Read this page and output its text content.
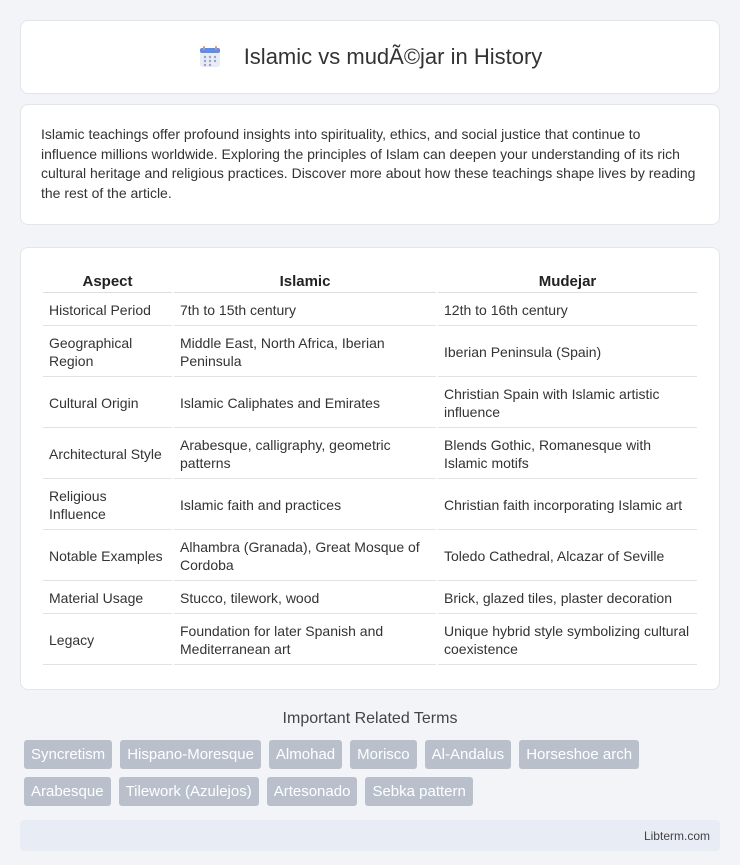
Islamic vs mudÃ©jar in History
Islamic teachings offer profound insights into spirituality, ethics, and social justice that continue to influence millions worldwide. Exploring the principles of Islam can deepen your understanding of its rich cultural heritage and religious practices. Discover more about how these teachings shape lives by reading the rest of the article.
Aspect	Islamic	Mudejar
Historical Period	7th to 15th century	12th to 16th century
Geographical Region	Middle East, North Africa, Iberian Peninsula	Iberian Peninsula (Spain)
Cultural Origin	Islamic Caliphates and Emirates	Christian Spain with Islamic artistic influence
Architectural Style	Arabesque, calligraphy, geometric patterns	Blends Gothic, Romanesque with Islamic motifs
Religious Influence	Islamic faith and practices	Christian faith incorporating Islamic art
Notable Examples	Alhambra (Granada), Great Mosque of Cordoba	Toledo Cathedral, Alcazar of Seville
Material Usage	Stucco, tilework, wood	Brick, glazed tiles, plaster decoration
Legacy	Foundation for later Spanish and Mediterranean art	Unique hybrid style symbolizing cultural coexistence
Important Related Terms
Syncretism	Hispano-Moresque	Almohad	Morisco	Al-Andalus	Horseshoe arch
Arabesque	Tilework (Azulejos)	Artesonado	Sebka pattern
Libterm.com
